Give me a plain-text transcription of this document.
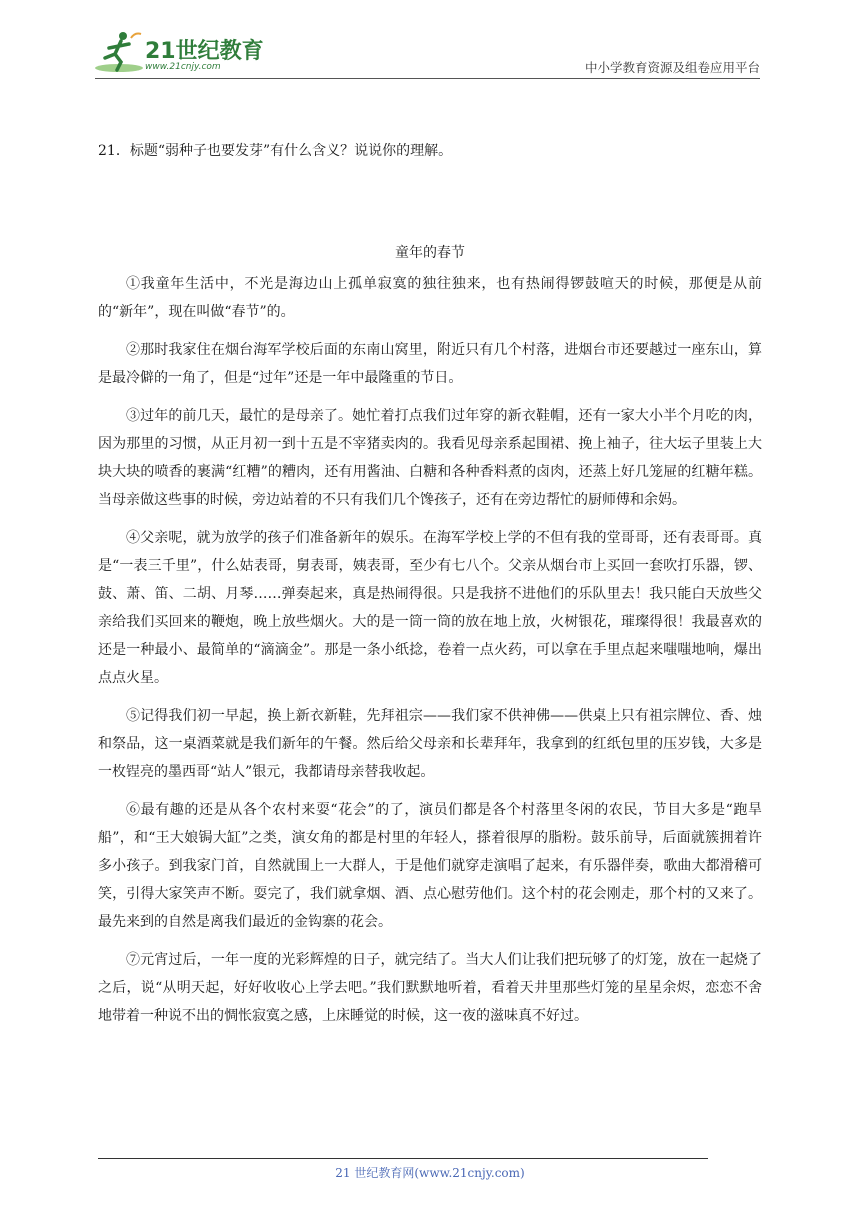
21世纪教育
www.21cnjy.com	中小学教育资源及组卷应用平台
21．标题“弱种子也要发芽”有什么含义？说说你的理解。
童年的春节

①我童年生活中，不光是海边山上孤单寂寞的独往独来，也有热闹得锣鼓喧天的时候，那便是从前的“新年”，现在叫做“春节”的。

②那时我家住在烟台海军学校后面的东南山窝里，附近只有几个村落，进烟台市还要越过一座东山，算是最冷僻的一角了，但是“过年”还是一年中最隆重的节日。

③过年的前几天，最忙的是母亲了。她忙着打点我们过年穿的新衣鞋帽，还有一家大小半个月吃的肉，因为那里的习惯，从正月初一到十五是不宰猪卖肉的。我看见母亲系起围裙、挽上袖子，往大坛子里装上大块大块的喷香的裹满“红糟”的糟肉，还有用酱油、白糖和各种香料煮的卤肉，还蒸上好几笼屉的红糖年糕。当母亲做这些事的时候，旁边站着的不只有我们几个馋孩子，还有在旁边帮忙的厨师傅和余妈。

④父亲呢，就为放学的孩子们准备新年的娱乐。在海军学校上学的不但有我的堂哥哥，还有表哥哥。真是“一表三千里”，什么姑表哥，舅表哥，姨表哥，至少有七八个。父亲从烟台市上买回一套吹打乐器，锣、鼓、萧、笛、二胡、月琴……弹奏起来，真是热闹得很。只是我挤不进他们的乐队里去！我只能白天放些父亲给我们买回来的鞭炮，晚上放些烟火。大的是一筒一筒的放在地上放，火树银花，璀璨得很！我最喜欢的还是一种最小、最简单的“滴滴金”。那是一条小纸捻，卷着一点火药，可以拿在手里点起来嗤嗤地响，爆出点点火星。

⑤记得我们初一早起，换上新衣新鞋，先拜祖宗——我们家不供神佛——供桌上只有祖宗牌位、香、烛和祭品，这一桌酒菜就是我们新年的午餐。然后给父母亲和长辈拜年，我拿到的红纸包里的压岁钱，大多是一枚锃亮的墨西哥“站人”银元，我都请母亲替我收起。

⑥最有趣的还是从各个农村来耍“花会”的了，演员们都是各个村落里冬闲的农民，节目大多是“跑旱船”，和“王大娘锔大缸”之类，演女角的都是村里的年轻人，搽着很厚的脂粉。鼓乐前导，后面就簇拥着许多小孩子。到我家门首，自然就围上一大群人，于是他们就穿走演唱了起来，有乐器伴奏，歌曲大都滑稽可笑，引得大家笑声不断。耍完了，我们就拿烟、酒、点心慰劳他们。这个村的花会刚走，那个村的又来了。最先来到的自然是离我们最近的金钩寨的花会。

⑦元宵过后，一年一度的光彩辉煌的日子，就完结了。当大人们让我们把玩够了的灯笼，放在一起烧了之后，说“从明天起，好好收收心上学去吧。”我们默默地听着，看着天井里那些灯笼的星星余烬，恋恋不舍地带着一种说不出的惆怅寂寞之感，上床睡觉的时候，这一夜的滋味真不好过。

21 世纪教育网(www.21cnjy.com)
